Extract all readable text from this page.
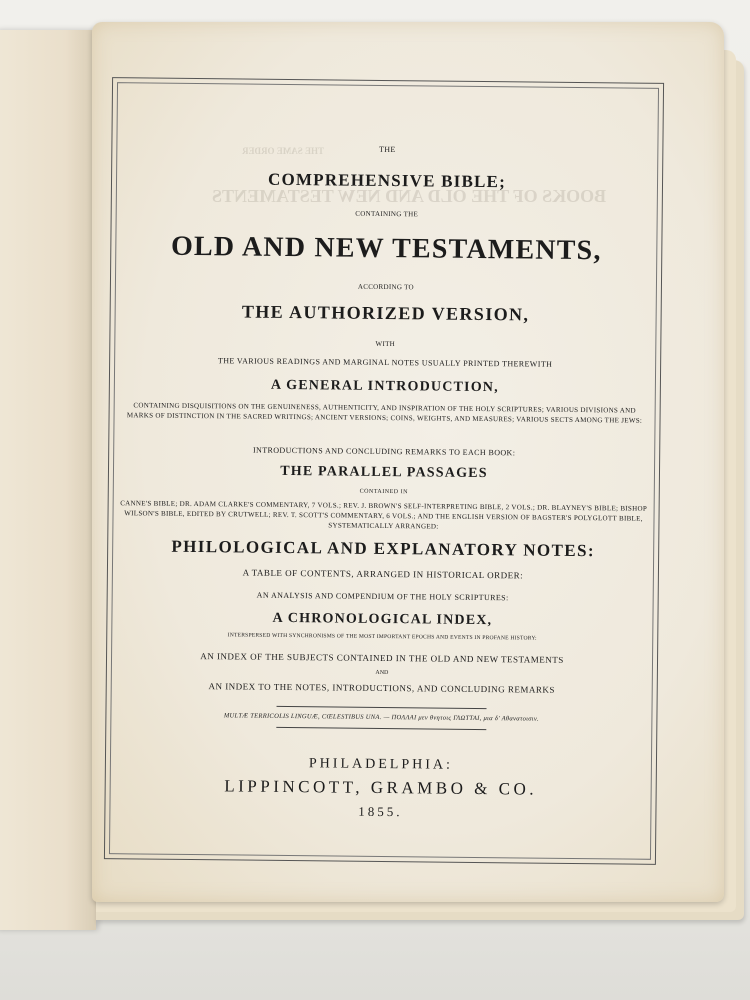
THE SAME ORDER
BOOKS OF THE OLD AND NEW TESTAMENTS
THE
COMPREHENSIVE BIBLE;
CONTAINING THE
OLD AND NEW TESTAMENTS,
ACCORDING TO
THE AUTHORIZED VERSION,
WITH
THE VARIOUS READINGS AND MARGINAL NOTES USUALLY PRINTED THEREWITH
A GENERAL INTRODUCTION,
CONTAINING DISQUISITIONS ON THE GENUINENESS, AUTHENTICITY, AND INSPIRATION OF THE HOLY SCRIPTURES; VARIOUS DIVISIONS AND MARKS OF DISTINCTION IN THE SACRED WRITINGS; ANCIENT VERSIONS; COINS, WEIGHTS, AND MEASURES; VARIOUS SECTS AMONG THE JEWS:
INTRODUCTIONS AND CONCLUDING REMARKS TO EACH BOOK:
THE PARALLEL PASSAGES
CONTAINED IN
CANNE'S BIBLE; DR. ADAM CLARKE'S COMMENTARY, 7 VOLS.; REV. J. BROWN'S SELF-INTERPRETING BIBLE, 2 VOLS.; DR. BLAYNEY'S BIBLE; BISHOP WILSON'S BIBLE, EDITED BY CRUTWELL; REV. T. SCOTT'S COMMENTARY, 6 VOLS.; AND THE ENGLISH VERSION OF BAGSTER'S POLYGLOTT BIBLE, SYSTEMATICALLY ARRANGED:
PHILOLOGICAL AND EXPLANATORY NOTES:
A TABLE OF CONTENTS, ARRANGED IN HISTORICAL ORDER:
AN ANALYSIS AND COMPENDIUM OF THE HOLY SCRIPTURES:
A CHRONOLOGICAL INDEX,
INTERSPERSED WITH SYNCHRONISMS OF THE MOST IMPORTANT EPOCHS AND EVENTS IN PROFANE HISTORY:
AN INDEX OF THE SUBJECTS CONTAINED IN THE OLD AND NEW TESTAMENTS
AND
AN INDEX TO THE NOTES, INTRODUCTIONS, AND CONCLUDING REMARKS
MULTÆ TERRICOLIS LINGUÆ, CŒLESTIBUS UNA. — ΠΟΛΛΑΙ μεν θνητοις ΓΛΩΤΤΑΙ, μια δ' Αθανατοισιν.
PHILADELPHIA:
LIPPINCOTT, GRAMBO & CO.
1855.
